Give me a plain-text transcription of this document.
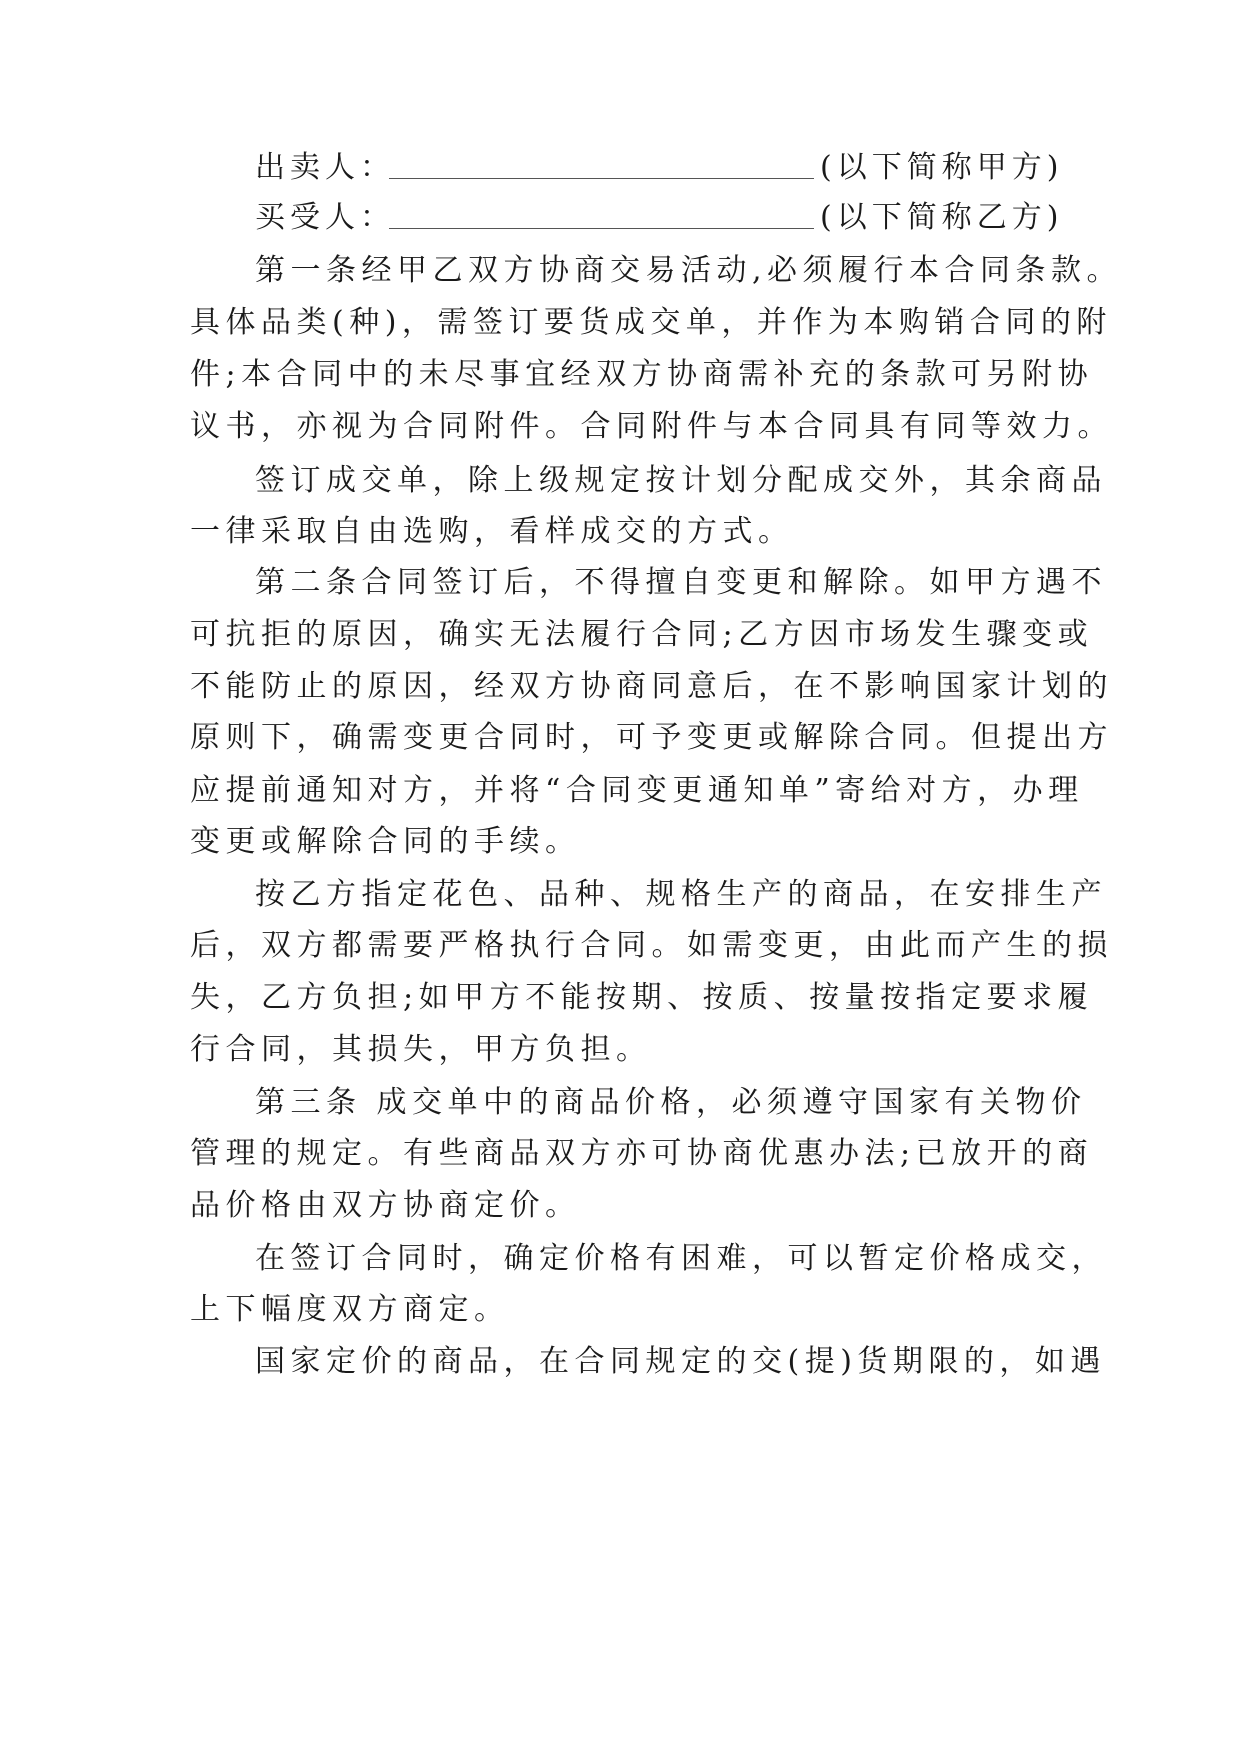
出卖人：	(以下简称甲方)
买受人：	(以下简称乙方)
第一条经甲乙双方协商交易活动,必须履行本合同条款。
具体品类(种)，需签订要货成交单，并作为本购销合同的附
件;本合同中的未尽事宜经双方协商需补充的条款可另附协
议书，亦视为合同附件。合同附件与本合同具有同等效力。
签订成交单，除上级规定按计划分配成交外，其余商品
一律采取自由选购，看样成交的方式。
第二条合同签订后，不得擅自变更和解除。如甲方遇不
可抗拒的原因，确实无法履行合同;乙方因市场发生骤变或
不能防止的原因，经双方协商同意后，在不影响国家计划的
原则下，确需变更合同时，可予变更或解除合同。但提出方
应提前通知对方，并将“合同变更通知单”寄给对方，办理
变更或解除合同的手续。
按乙方指定花色、品种、规格生产的商品，在安排生产
后，双方都需要严格执行合同。如需变更，由此而产生的损
失，乙方负担;如甲方不能按期、按质、按量按指定要求履
行合同，其损失，甲方负担。
第三条 成交单中的商品价格，必须遵守国家有关物价
管理的规定。有些商品双方亦可协商优惠办法;已放开的商
品价格由双方协商定价。
在签订合同时，确定价格有困难，可以暂定价格成交，
上下幅度双方商定。
国家定价的商品，在合同规定的交(提)货期限的，如遇
